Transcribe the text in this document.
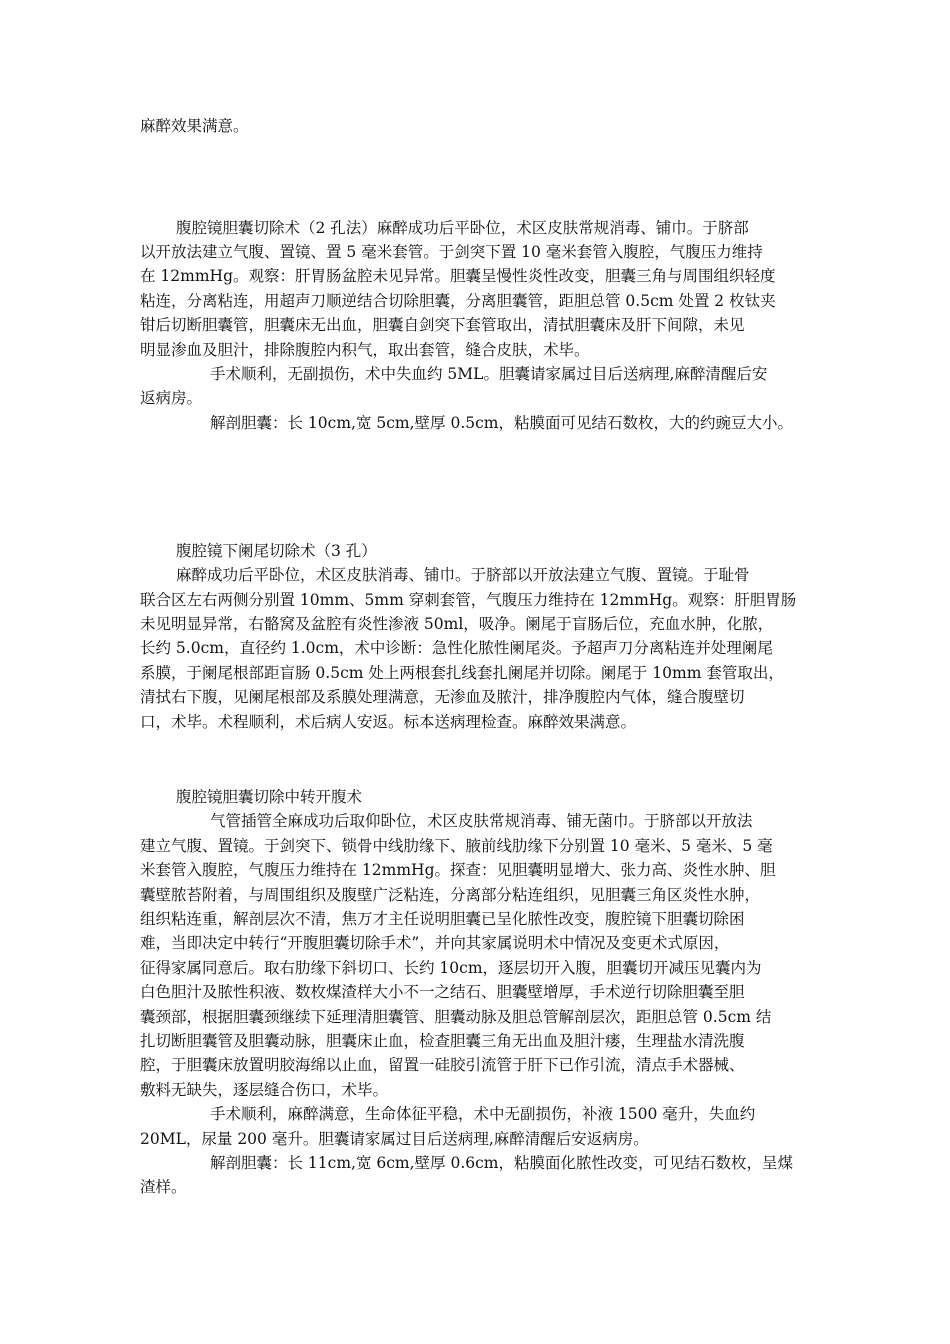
麻醉效果满意。

腹腔镜胆囊切除术（2 孔法）麻醉成功后平卧位，术区皮肤常规消毒、铺巾。于脐部

以开放法建立气腹、置镜、置 5 毫米套管。于剑突下置 10 毫米套管入腹腔，气腹压力维持

在 12mmHg。观察：肝胃肠盆腔未见异常。胆囊呈慢性炎性改变，胆囊三角与周围组织轻度

粘连，分离粘连，用超声刀顺逆结合切除胆囊，分离胆囊管，距胆总管 0.5cm 处置 2 枚钛夹

钳后切断胆囊管，胆囊床无出血，胆囊自剑突下套管取出，清拭胆囊床及肝下间隙，未见

明显渗血及胆汁，排除腹腔内积气，取出套管，缝合皮肤，术毕。

手术顺利，无副损伤，术中失血约 5ML。胆囊请家属过目后送病理,麻醉清醒后安

返病房。

解剖胆囊：长 10cm,宽 5cm,壁厚 0.5cm，粘膜面可见结石数枚，大的约豌豆大小。

腹腔镜下阑尾切除术（3 孔）

麻醉成功后平卧位，术区皮肤消毒、铺巾。于脐部以开放法建立气腹、置镜。于耻骨

联合区左右两侧分别置 10mm、5mm 穿刺套管，气腹压力维持在 12mmHg。观察：肝胆胃肠

未见明显异常，右骼窝及盆腔有炎性渗液 50ml，吸净。阑尾于盲肠后位，充血水肿，化脓，

长约 5.0cm，直径约 1.0cm，术中诊断：急性化脓性阑尾炎。予超声刀分离粘连并处理阑尾

系膜，于阑尾根部距盲肠 0.5cm 处上两根套扎线套扎阑尾并切除。阑尾于 10mm 套管取出，

清拭右下腹，见阑尾根部及系膜处理满意，无渗血及脓汁，排净腹腔内气体，缝合腹壁切

口，术毕。术程顺利，术后病人安返。标本送病理检查。麻醉效果满意。

腹腔镜胆囊切除中转开腹术

气管插管全麻成功后取仰卧位，术区皮肤常规消毒、铺无菌巾。于脐部以开放法

建立气腹、置镜。于剑突下、锁骨中线肋缘下、腋前线肋缘下分别置 10 毫米、5 毫米、5 毫

米套管入腹腔，气腹压力维持在 12mmHg。探查：见胆囊明显增大、张力高、炎性水肿、胆

囊壁脓苔附着，与周围组织及腹壁广泛粘连，分离部分粘连组织，见胆囊三角区炎性水肿，

组织粘连重，解剖层次不清，焦万才主任说明胆囊已呈化脓性改变，腹腔镜下胆囊切除困

难，当即决定中转行“开腹胆囊切除手术”，并向其家属说明术中情况及变更术式原因，

征得家属同意后。取右肋缘下斜切口、长约 10cm，逐层切开入腹，胆囊切开减压见囊内为

白色胆汁及脓性积液、数枚煤渣样大小不一之结石、胆囊壁增厚，手术逆行切除胆囊至胆

囊颈部，根据胆囊颈继续下延理清胆囊管、胆囊动脉及胆总管解剖层次，距胆总管 0.5cm 结

扎切断胆囊管及胆囊动脉，胆囊床止血，检查胆囊三角无出血及胆汁瘘，生理盐水清洗腹

腔，于胆囊床放置明胶海绵以止血，留置一硅胶引流管于肝下已作引流，清点手术器械、

敷料无缺失，逐层缝合伤口，术毕。

手术顺利，麻醉满意，生命体征平稳，术中无副损伤，补液 1500 毫升，失血约

20ML，尿量 200 毫升。胆囊请家属过目后送病理,麻醉清醒后安返病房。

解剖胆囊：长 11cm,宽 6cm,壁厚 0.6cm，粘膜面化脓性改变，可见结石数枚，呈煤

渣样。
